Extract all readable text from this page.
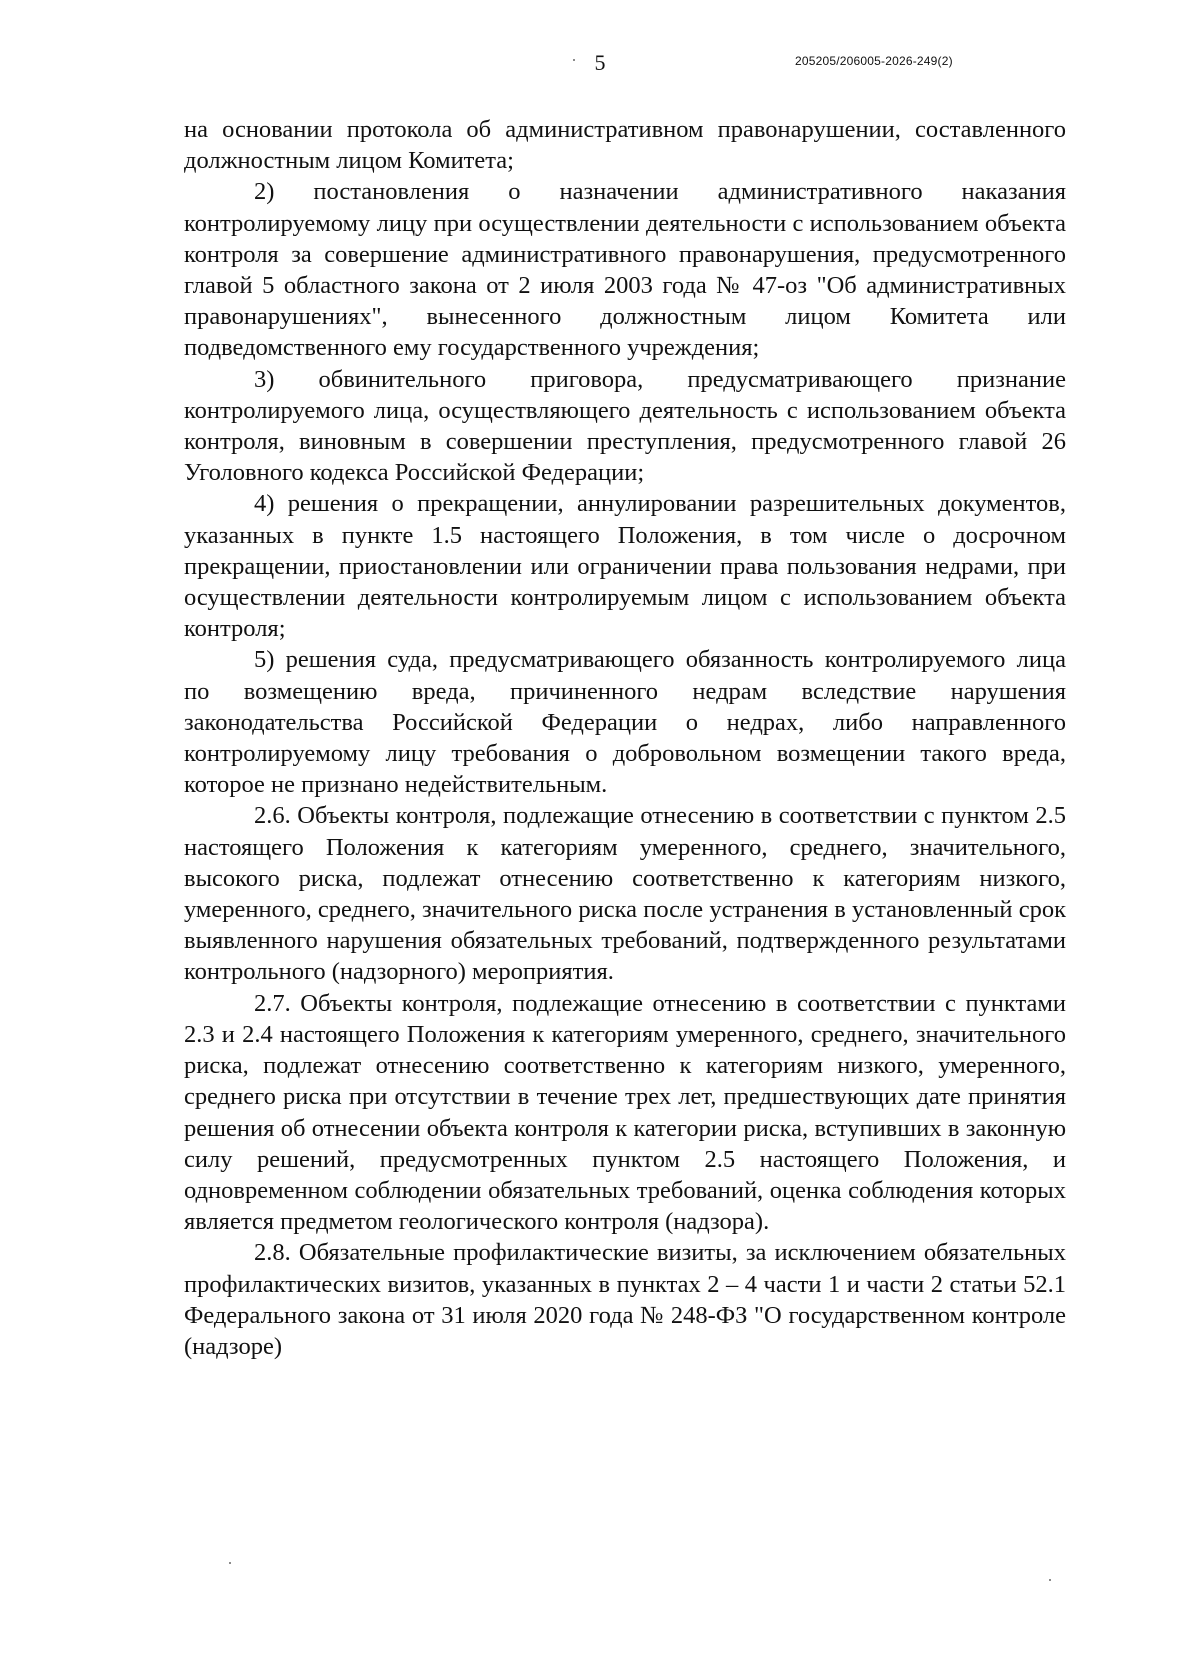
5	205205/206005-2026-249(2)

на основании протокола об административном правонарушении, составленного должностным лицом Комитета;

2) постановления о назначении административного наказания контролируемому лицу при осуществлении деятельности с использованием объекта контроля за совершение административного правонарушения, предусмотренного главой 5 областного закона от 2 июля 2003 года № 47-оз "Об административных правонарушениях", вынесенного должностным лицом Комитета или подведомственного ему государственного учреждения;

3) обвинительного приговора, предусматривающего признание контролируемого лица, осуществляющего деятельность с использованием объекта контроля, виновным в совершении преступления, предусмотренного главой 26 Уголовного кодекса Российской Федерации;

4) решения о прекращении, аннулировании разрешительных документов, указанных в пункте 1.5 настоящего Положения, в том числе о досрочном прекращении, приостановлении или ограничении права пользования недрами, при осуществлении деятельности контролируемым лицом с использованием объекта контроля;

5) решения суда, предусматривающего обязанность контролируемого лица по возмещению вреда, причиненного недрам вследствие нарушения законодательства Российской Федерации о недрах, либо направленного контролируемому лицу требования о добровольном возмещении такого вреда, которое не признано недействительным.

2.6. Объекты контроля, подлежащие отнесению в соответствии с пунктом 2.5 настоящего Положения к категориям умеренного, среднего, значительного, высокого риска, подлежат отнесению соответственно к категориям низкого, умеренного, среднего, значительного риска после устранения в установленный срок выявленного нарушения обязательных требований, подтвержденного результатами контрольного (надзорного) мероприятия.

2.7. Объекты контроля, подлежащие отнесению в соответствии с пунктами 2.3 и 2.4 настоящего Положения к категориям умеренного, среднего, значительного риска, подлежат отнесению соответственно к категориям низкого, умеренного, среднего риска при отсутствии в течение трех лет, предшествующих дате принятия решения об отнесении объекта контроля к категории риска, вступивших в законную силу решений, предусмотренных пунктом 2.5 настоящего Положения, и одновременном соблюдении обязательных требований, оценка соблюдения которых является предметом геологического контроля (надзора).

2.8. Обязательные профилактические визиты, за исключением обязательных профилактических визитов, указанных в пунктах 2 – 4 части 1 и части 2 статьи 52.1 Федерального закона от 31 июля 2020 года № 248-ФЗ "О государственном контроле (надзоре)
